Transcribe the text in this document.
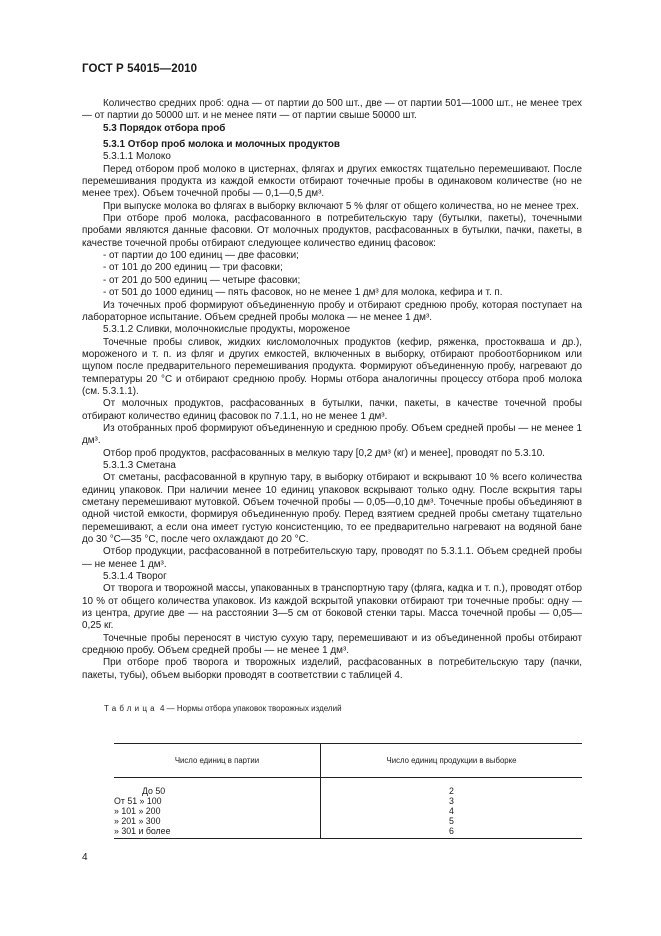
ГОСТ Р 54015—2010

Количество средних проб: одна — от партии до 500 шт., две — от партии 501—1000 шт., не менее трех — от партии до 50000 шт. и не менее пяти — от партии свыше 50000 шт.

5.3 Порядок отбора проб

5.3.1 Отбор проб молока и молочных продуктов

5.3.1.1 Молоко

Перед отбором проб молоко в цистернах, флягах и других емкостях тщательно перемешивают. После перемешивания продукта из каждой емкости отбирают точечные пробы в одинаковом количестве (но не менее трех). Объем точечной пробы — 0,1—0,5 дм³.

При выпуске молока во флягах в выборку включают 5 % фляг от общего количества, но не менее трех.

При отборе проб молока, расфасованного в потребительскую тару (бутылки, пакеты), точечными пробами являются данные фасовки. От молочных продуктов, расфасованных в бутылки, пачки, пакеты, в качестве точечной пробы отбирают следующее количество единиц фасовок:

- от партии до 100 единиц — две фасовки;

- от 101 до 200 единиц — три фасовки;

- от 201 до 500 единиц — четыре фасовки;

- от 501 до 1000 единиц — пять фасовок, но не менее 1 дм³ для молока, кефира и т. п.

Из точечных проб формируют объединенную пробу и отбирают среднюю пробу, которая поступает на лабораторное испытание. Объем средней пробы молока — не менее 1 дм³.

5.3.1.2 Сливки, молочнокислые продукты, мороженое

Точечные пробы сливок, жидких кисломолочных продуктов (кефир, ряженка, простокваша и др.), мороженого и т. п. из фляг и других емкостей, включенных в выборку, отбирают пробоотборником или щупом после предварительного перемешивания продукта. Формируют объединенную пробу, нагревают до температуры 20 °C и отбирают среднюю пробу. Нормы отбора аналогичны процессу отбора проб молока (см. 5.3.1.1).

От молочных продуктов, расфасованных в бутылки, пачки, пакеты, в качестве точечной пробы отбирают количество единиц фасовок по 7.1.1, но не менее 1 дм³.

Из отобранных проб формируют объединенную и среднюю пробу. Объем средней пробы — не менее 1 дм³.

Отбор проб продуктов, расфасованных в мелкую тару [0,2 дм³ (кг) и менее], проводят по 5.3.10.

5.3.1.3 Сметана

От сметаны, расфасованной в крупную тару, в выборку отбирают и вскрывают 10 % всего количества единиц упаковок. При наличии менее 10 единиц упаковок вскрывают только одну. После вскрытия тары сметану перемешивают мутовкой. Объем точечной пробы — 0,05—0,10 дм³. Точечные пробы объединяют в одной чистой емкости, формируя объединенную пробу. Перед взятием средней пробы сметану тщательно перемешивают, а если она имеет густую консистенцию, то ее предварительно нагревают на водяной бане до 30 °C—35 °C, после чего охлаждают до 20 °C.

Отбор продукции, расфасованной в потребительскую тару, проводят по 5.3.1.1. Объем средней пробы — не менее 1 дм³.

5.3.1.4 Творог

От творога и творожной массы, упакованных в транспортную тару (фляга, кадка и т. п.), проводят отбор 10 % от общего количества упаковок. Из каждой вскрытой упаковки отбирают три точечные пробы: одну — из центра, другие две — на расстоянии 3—5 см от боковой стенки тары. Масса точечной пробы — 0,05—0,25 кг.

Точечные пробы переносят в чистую сухую тару, перемешивают и из объединенной пробы отбирают среднюю пробу. Объем средней пробы — не менее 1 дм³.

При отборе проб творога и творожных изделий, расфасованных в потребительскую тару (пачки, пакеты, тубы), объем выборки проводят в соответствии с таблицей 4.

Таблица 4 — Нормы отбора упаковок творожных изделий
Число единиц в партии	Число единиц продукции в выборке
До 50	2
От 51 » 100	3
» 101 » 200	4
» 201 » 300	5
» 301 и более	6
4
